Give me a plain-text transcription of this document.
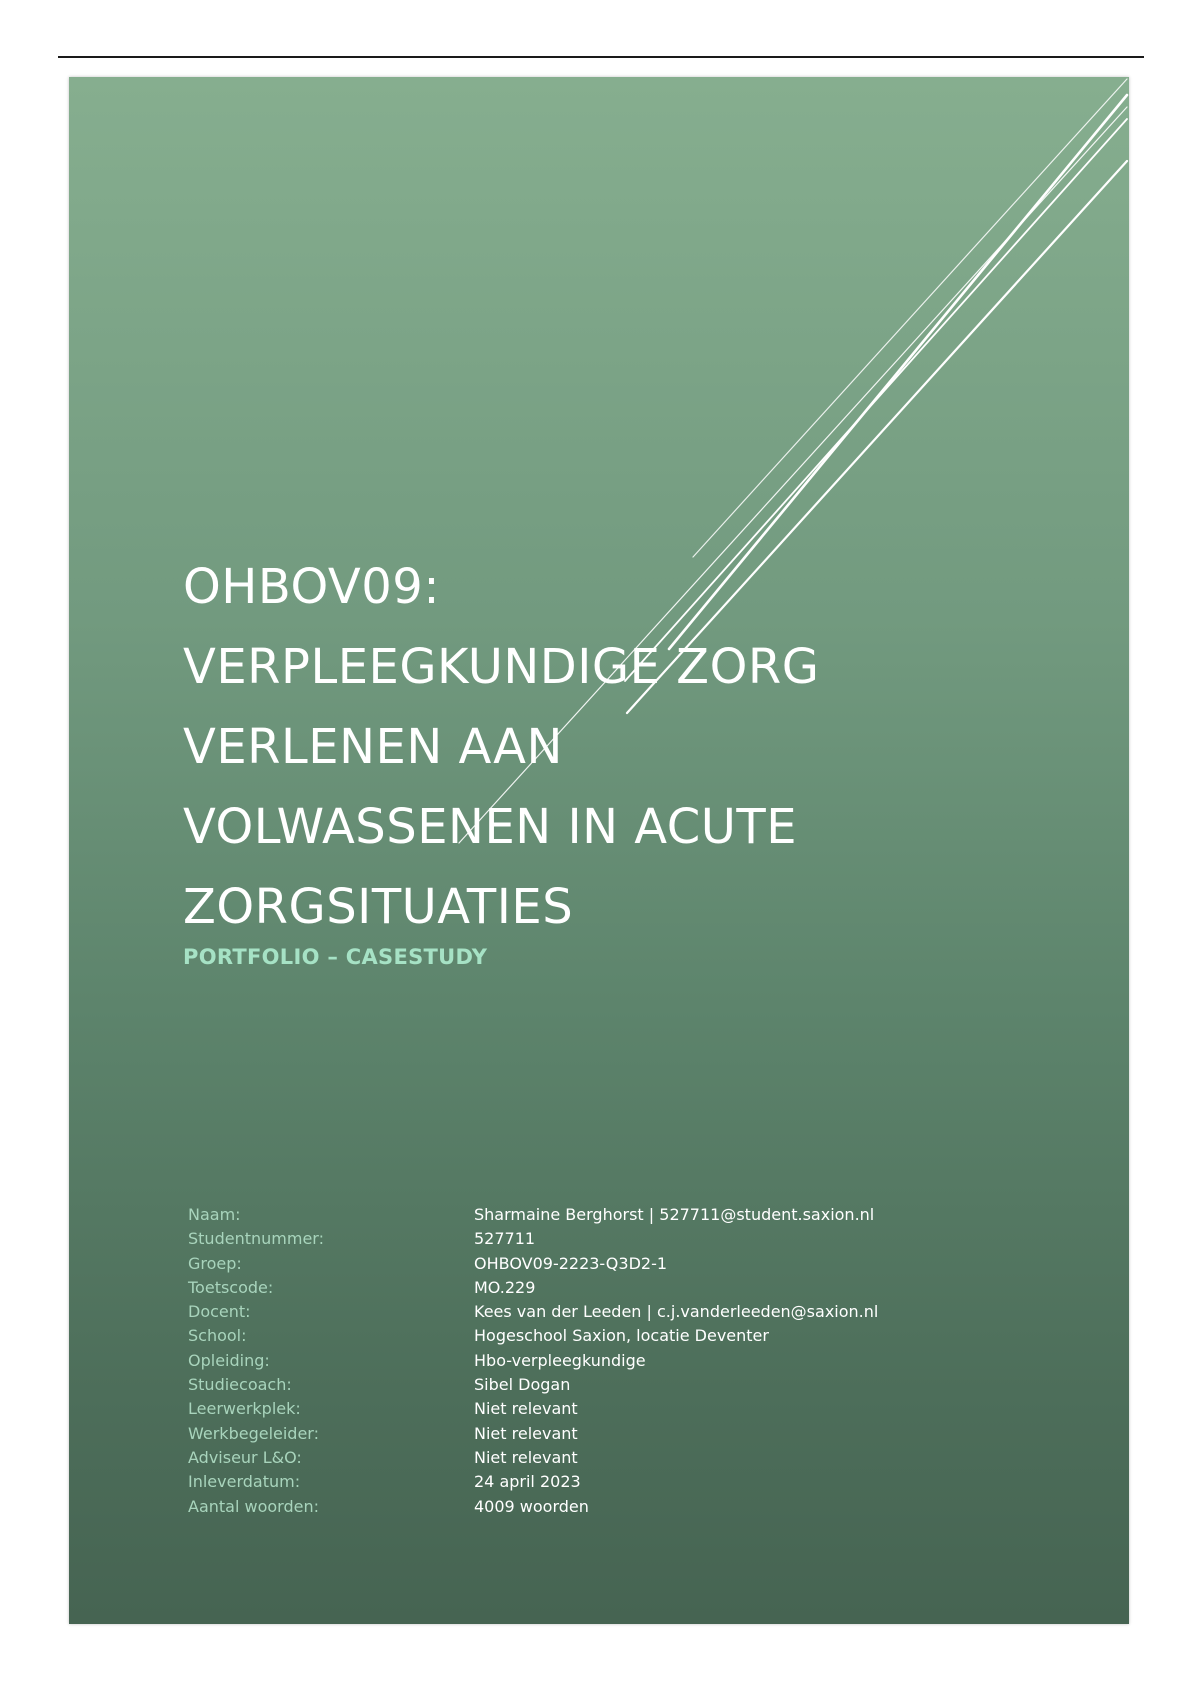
OHBOV09:
VERPLEEGKUNDIGE ZORG
VERLENEN AAN
VOLWASSENEN IN ACUTE
ZORGSITUATIES

PORTFOLIO – CASESTUDY

Naam:	Sharmaine Berghorst | 527711@student.saxion.nl
Studentnummer:	527711
Groep:	OHBOV09-2223-Q3D2-1
Toetscode:	MO.229
Docent:	Kees van der Leeden | c.j.vanderleeden@saxion.nl
School:	Hogeschool Saxion, locatie Deventer
Opleiding:	Hbo-verpleegkundige
Studiecoach:	Sibel Dogan
Leerwerkplek:	Niet relevant
Werkbegeleider:	Niet relevant
Adviseur L&O:	Niet relevant
Inleverdatum:	24 april 2023
Aantal woorden:	4009 woorden
